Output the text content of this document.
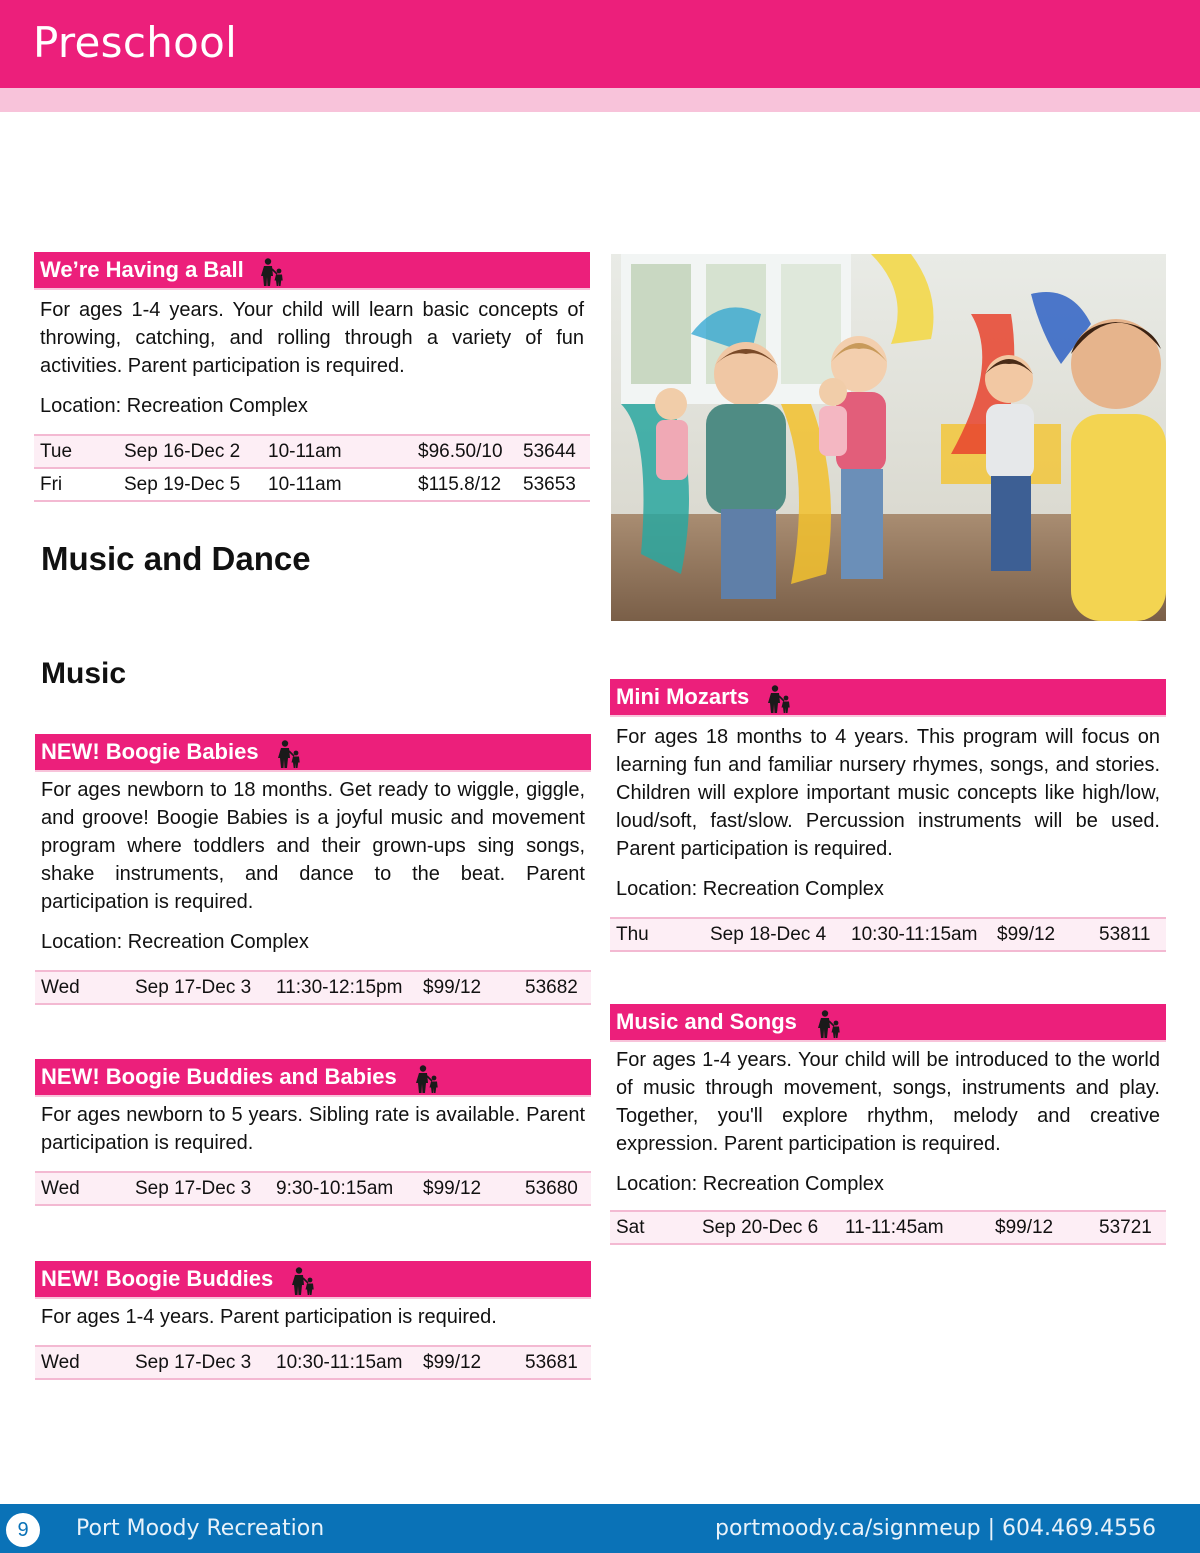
Preschool
We’re Having a Ball
For ages 1-4 years. Your child will learn basic concepts of throwing, catching, and rolling through a variety of fun activities. Parent participation is required.
Location: Recreation Complex
Tue	Sep 16-Dec 2 10-11am	$96.50/10 53644
Fri	Sep 19-Dec 5 10-11am	$115.8/12 53653
Music and Dance
Music
NEW! Boogie Babies
For ages newborn to 18 months. Get ready to wiggle, giggle, and groove! Boogie Babies is a joyful music and movement program where toddlers and their grown-ups sing songs, shake instruments, and dance to the beat. Parent participation is required.
Location: Recreation Complex
Wed	Sep 17-Dec 3 11:30-12:15pm $99/12 53682
NEW! Boogie Buddies and Babies
For ages newborn to 5 years. Sibling rate is available. Parent participation is required.
Wed	Sep 17-Dec 3 9:30-10:15am $99/12 53680
NEW! Boogie Buddies
For ages 1-4 years. Parent participation is required.
Wed	Sep 17-Dec 3 10:30-11:15am $99/12 53681
Mini Mozarts
For ages 18 months to 4 years. This program will focus on learning fun and familiar nursery rhymes, songs, and stories. Children will explore important music concepts like high/low, loud/soft, fast/slow. Percussion instruments will be used. Parent participation is required.
Location: Recreation Complex
Thu	Sep 18-Dec 4 10:30-11:15am $99/12 53811
Music and Songs
For ages 1-4 years. Your child will be introduced to the world of music through movement, songs, instruments and play. Together, you'll explore rhythm, melody and creative expression. Parent participation is required.
Location: Recreation Complex
Sat	Sep 20-Dec 6 11-11:45am	$99/12 53721
9	Port Moody Recreation	portmoody.ca/signmeup | 604.469.4556
